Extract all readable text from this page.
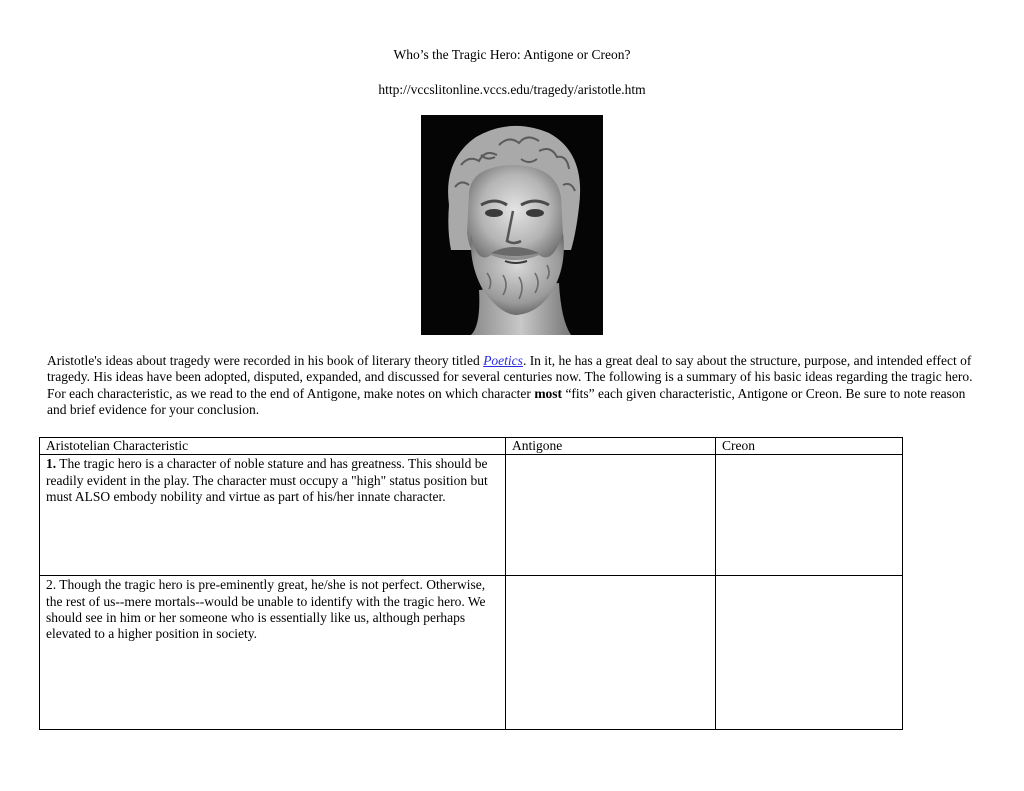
Who’s the Tragic Hero: Antigone or Creon?
http://vccslitonline.vccs.edu/tragedy/aristotle.htm
Aristotle's ideas about tragedy were recorded in his book of literary theory titled Poetics. In it, he has a great deal to say about the structure, purpose, and intended effect of tragedy. His ideas have been adopted, disputed, expanded, and discussed for several centuries now. The following is a summary of his basic ideas regarding the tragic hero. For each characteristic, as we read to the end of Antigone, make notes on which character most “fits” each given characteristic, Antigone or Creon. Be sure to note reason and brief evidence for your conclusion.
Aristotelian Characteristic	Antigone	Creon
1. The tragic hero is a character of noble stature and has greatness. This should be readily evident in the play. The character must occupy a "high" status position but must ALSO embody nobility and virtue as part of his/her innate character.		
2. Though the tragic hero is pre-eminently great, he/she is not perfect. Otherwise, the rest of us--mere mortals--would be unable to identify with the tragic hero. We should see in him or her someone who is essentially like us, although perhaps elevated to a higher position in society.		
